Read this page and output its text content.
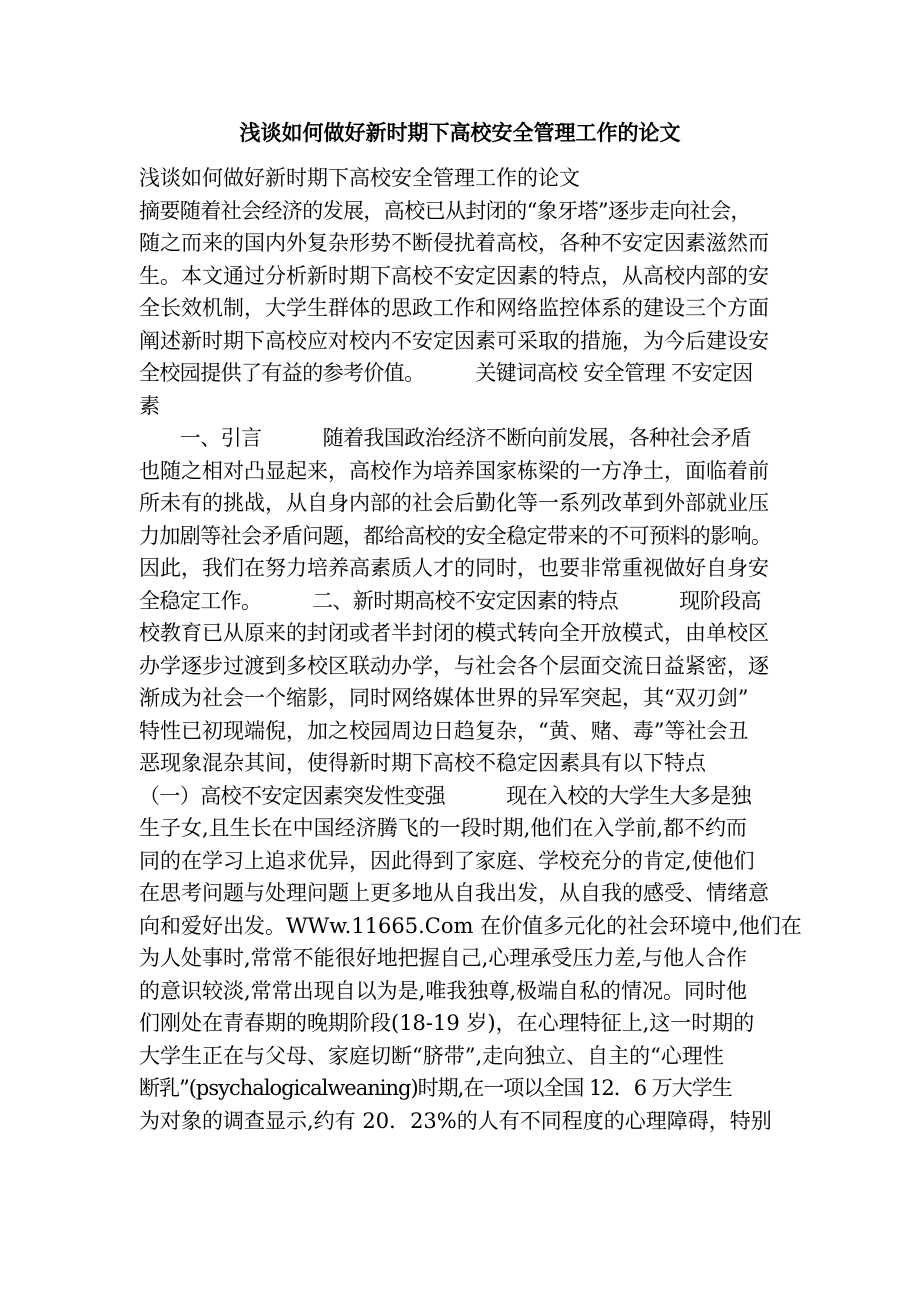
浅谈如何做好新时期下高校安全管理工作的论文
浅谈如何做好新时期下高校安全管理工作的论文
摘要随着社会经济的发展，高校已从封闭的“象牙塔”逐步走向社会，
随之而来的国内外复杂形势不断侵扰着高校，各种不安定因素滋然而
生。本文通过分析新时期下高校不安定因素的特点，从高校内部的安
全长效机制，大学生群体的思政工作和网络监控体系的建设三个方面
阐述新时期下高校应对校内不安定因素可采取的措施，为今后建设安
全校园提供了有益的参考价值。　　　关键词高校 安全管理 不安定因
素
　　一、引言　　　随着我国政治经济不断向前发展，各种社会矛盾
也随之相对凸显起来，高校作为培养国家栋梁的一方净土，面临着前
所未有的挑战，从自身内部的社会后勤化等一系列改革到外部就业压
力加剧等社会矛盾问题，都给高校的安全稳定带来的不可预料的影响。
因此，我们在努力培养高素质人才的同时，也要非常重视做好自身安
全稳定工作。　　　二、新时期高校不安定因素的特点　　　现阶段高
校教育已从原来的封闭或者半封闭的模式转向全开放模式，由单校区
办学逐步过渡到多校区联动办学，与社会各个层面交流日益紧密，逐
渐成为社会一个缩影，同时网络媒体世界的异军突起，其“双刃剑”
特性已初现端倪，加之校园周边日趋复杂，“黄、赌、毒”等社会丑
恶现象混杂其间，使得新时期下高校不稳定因素具有以下特点
（一）高校不安定因素突发性变强　　　现在入校的大学生大多是独
生子女,且生长在中国经济腾飞的一段时期,他们在入学前,都不约而
同的在学习上追求优异，因此得到了家庭、学校充分的肯定,使他们
在思考问题与处理问题上更多地从自我出发，从自我的感受、情绪意
向和爱好出发。WWw.11665.Com 在价值多元化的社会环境中,他们在
为人处事时,常常不能很好地把握自己,心理承受压力差,与他人合作
的意识较淡,常常出现自以为是,唯我独尊,极端自私的情况。同时他
们刚处在青春期的晚期阶段(18-19 岁)，在心理特征上,这一时期的
大学生正在与父母、家庭切断“脐带”,走向独立、自主的“心理性
断乳”(psychalogicalweaning)时期,在一项以全国 12．6 万大学生
为对象的调查显示,约有 20．23%的人有不同程度的心理障碍，特别
